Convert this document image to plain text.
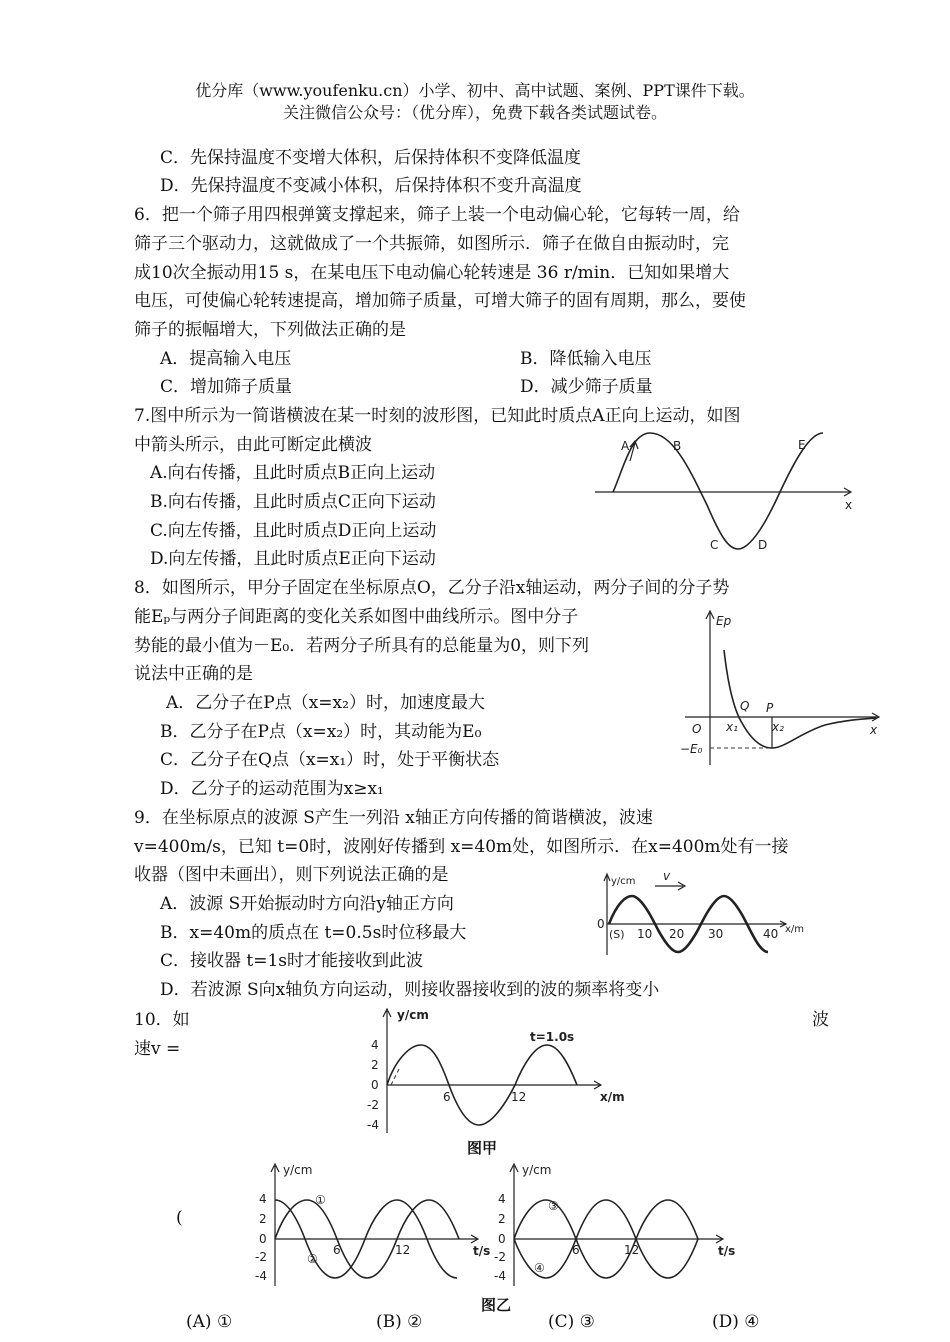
优分库（www.youfenku.cn）小学、初中、高中试题、案例、PPT课件下载。
关注微信公众号：（优分库），免费下载各类试题试卷。
C．先保持温度不变增大体积，后保持体积不变降低温度
D．先保持温度不变减小体积，后保持体积不变升高温度
6．把一个筛子用四根弹簧支撑起来，筛子上装一个电动偏心轮，它每转一周，给
筛子三个驱动力，这就做成了一个共振筛，如图所示．筛子在做自由振动时，完
成10次全振动用15 s，在某电压下电动偏心轮转速是 36 r/min．已知如果增大
电压，可使偏心轮转速提高，增加筛子质量，可增大筛子的固有周期，那么，要使
筛子的振幅增大，下列做法正确的是
A．提高输入电压	B．降低输入电压
C．增加筛子质量	D．减少筛子质量
7.图中所示为一简谐横波在某一时刻的波形图，已知此时质点A正向上运动，如图
中箭头所示，由此可断定此横波
A.向右传播，且此时质点B正向上运动
B.向右传播，且此时质点C正向下运动
C.向左传播，且此时质点D正向上运动
D.向左传播，且此时质点E正向下运动
x
A	B
C	D
E
8．如图所示，甲分子固定在坐标原点O，乙分子沿x轴运动，两分子间的分子势
能Eₚ与两分子间距离的变化关系如图中曲线所示。图中分子
势能的最小值为－E₀．若两分子所具有的总能量为0，则下列
说法中正确的是
A．乙分子在P点（x=x₂）时，加速度最大
B．乙分子在P点（x=x₂）时，其动能为E₀
C．乙分子在Q点（x=x₁）时，处于平衡状态
D．乙分子的运动范围为x≥x₁
Ep
x
O
−E₀
Q P
x₁	x₂
9．在坐标原点的波源 S产生一列沿 x轴正方向传播的简谐横波，波速
v=400m/s，已知 t=0时，波刚好传播到 x=40m处，如图所示．在x=400m处有一接
收器（图中未画出），则下列说法正确的是
A．波源 S开始振动时方向沿y轴正方向
B．x=40m的质点在 t=0.5s时位移最大
C．接收器 t=1s时才能接收到此波
D．若波源 S向x轴负方向运动，则接收器接收到的波的频率将变小
y/cm
x/m
v
0
(S) 10 20 30	40
10．如	波
速v =
(
y/cm
x/m
t=1.0s
4
2
0
-2
-4
6	12
图甲
y/cm
t/s
4
2
0
-2
-4
6	12
①
②
y/cm
t/s
4
2
0
-2
-4
6	12
③
④
图乙
(A) ①	(B) ②	(C) ③	(D) ④
